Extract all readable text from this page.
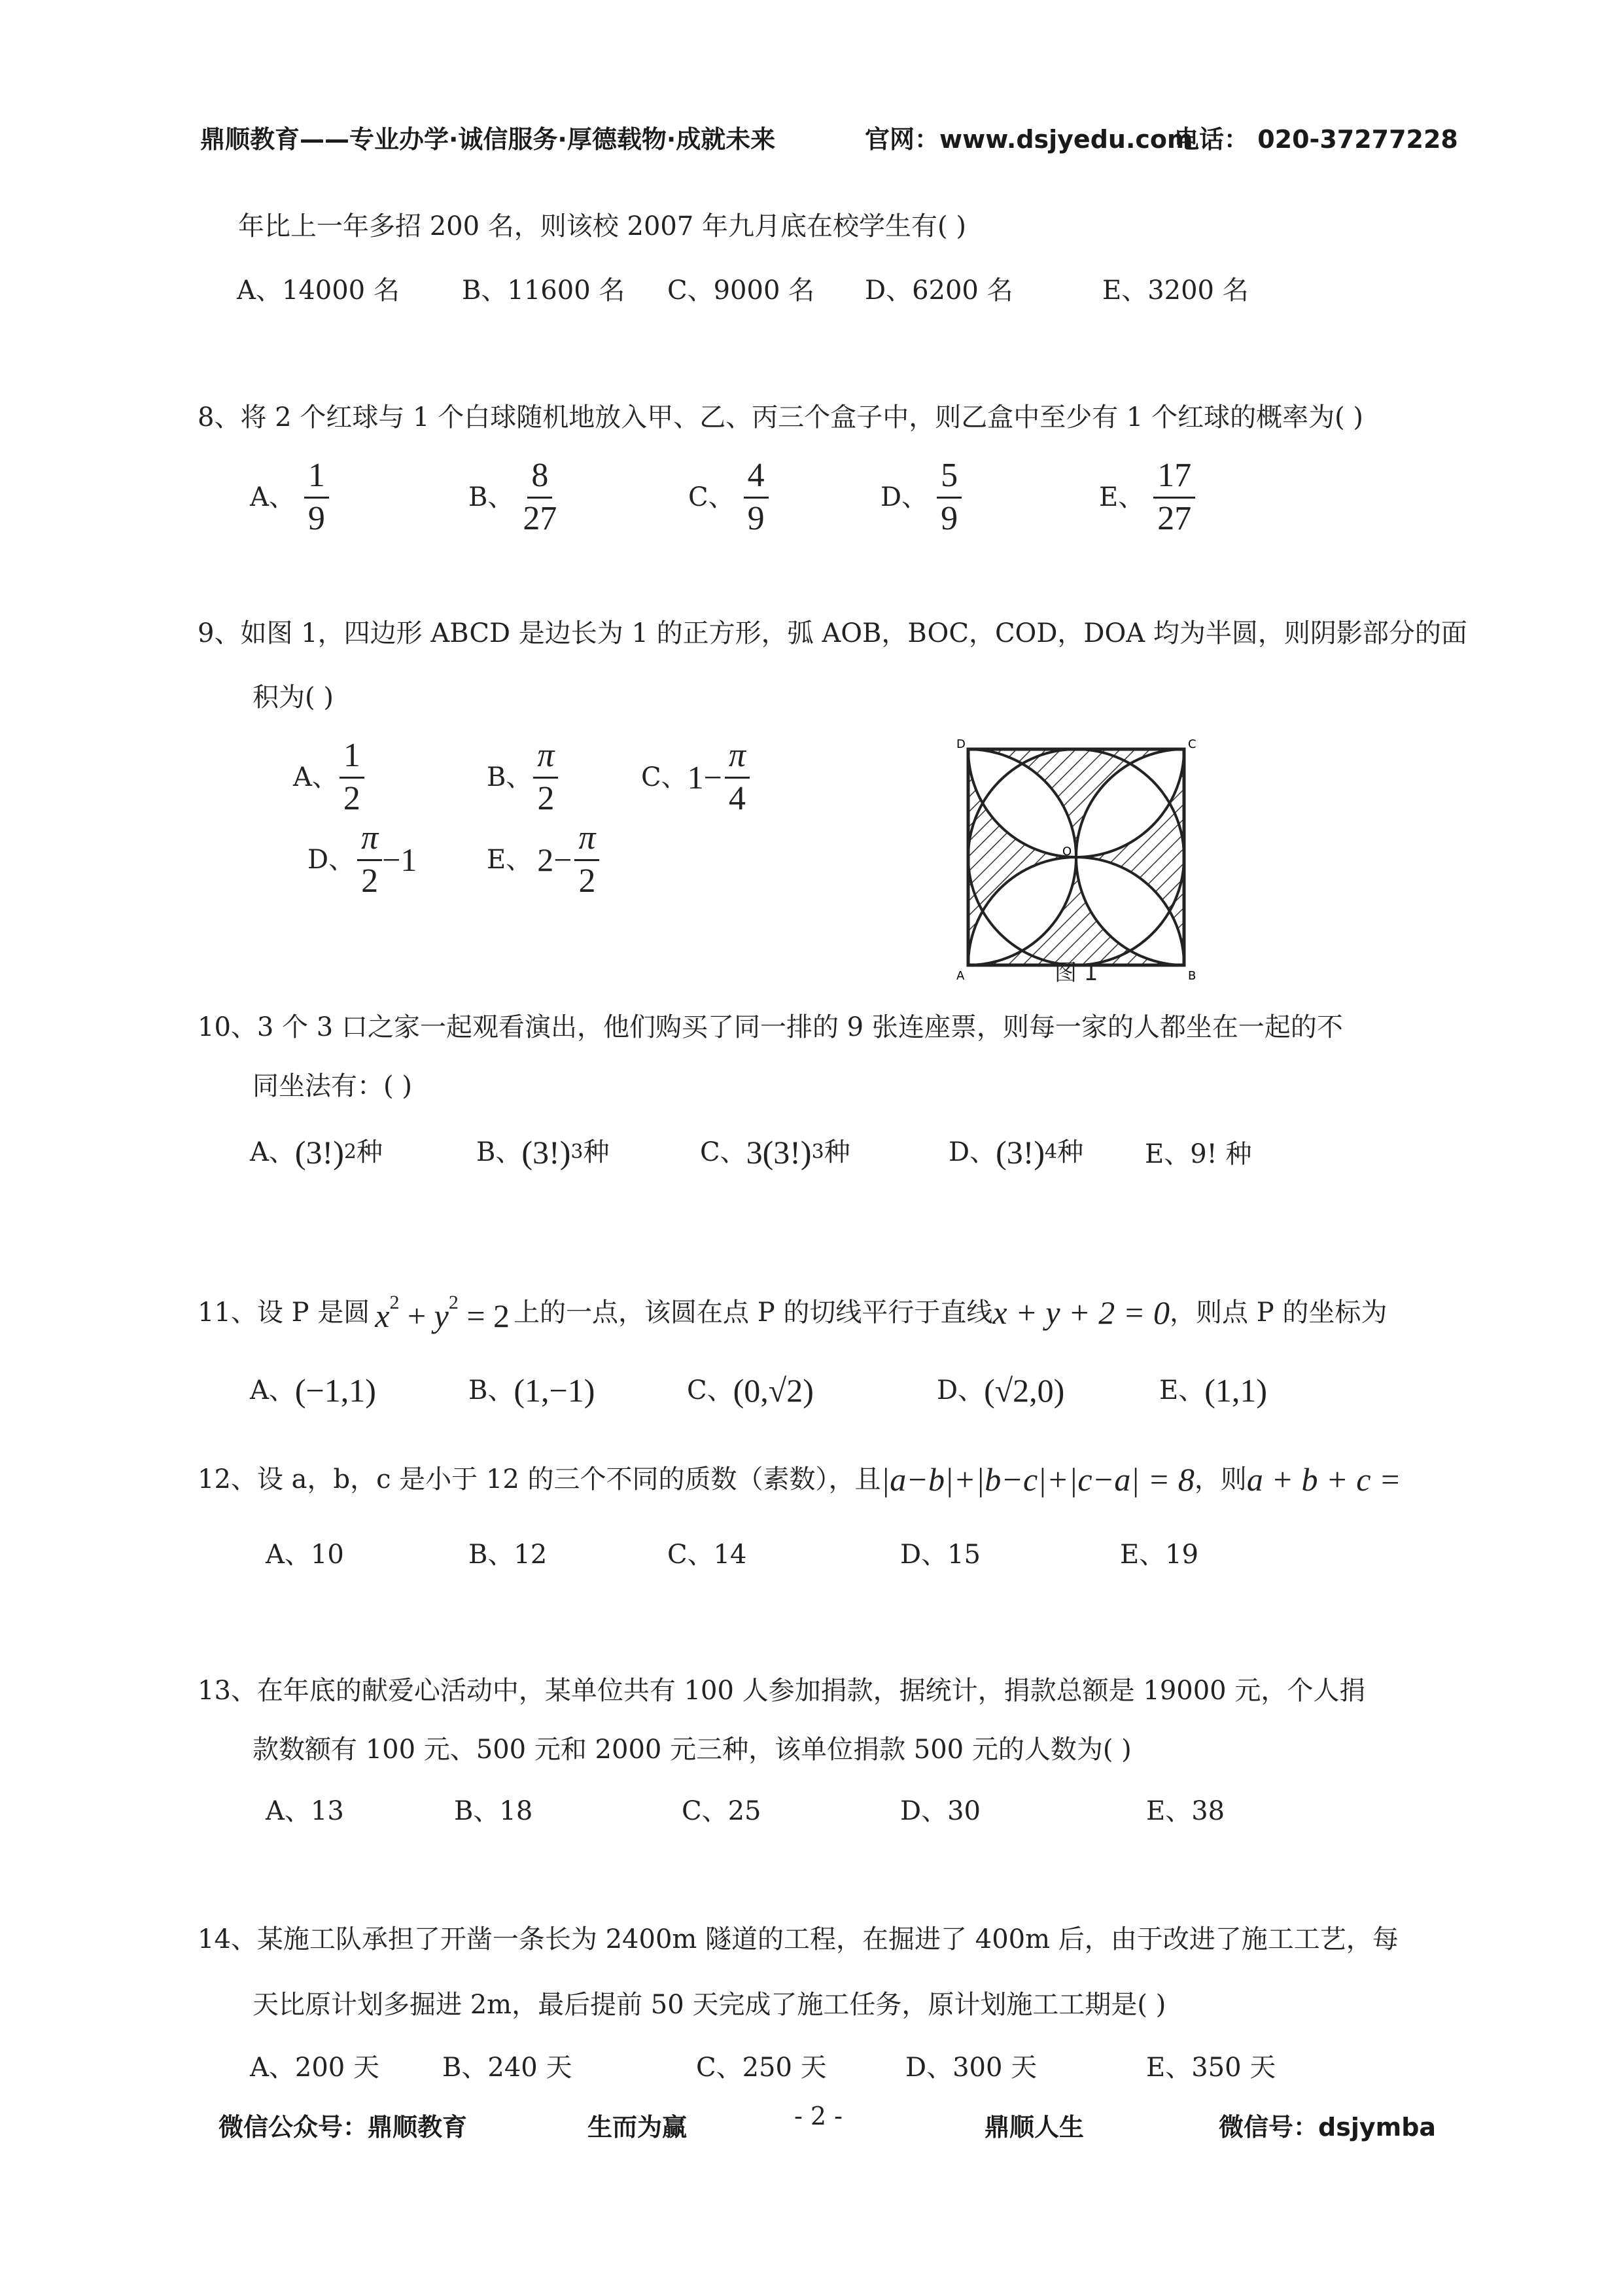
鼎顺教育——专业办学·诚信服务·厚德载物·成就未来	官网：www.dsjyedu.com
电话： 020-37277228
年比上一年多招 200 名，则该校 2007 年九月底在校学生有( )
A、14000 名 B、11600 名 C、9000 名 D、6200 名	E、3200 名
8、将 2 个红球与 1 个白球随机地放入甲、乙、丙三个盒子中，则乙盒中至少有 1 个红球的概率为( )
A、 $\frac{1}{9}$	B、 $\frac{8}{27}$	C、 $\frac{4}{9}$	D、 $\frac{5}{9}$	E、 $\frac{17}{27}$
9、如图 1，四边形 ABCD 是边长为 1 的正方形，弧 AOB，BOC，COD，DOA 均为半圆，则阴影部分的面
积为( )
A、 $\frac{1}{2}$	B、 $\frac{\pi}{2}$	C、 $1- \frac{\pi}{4}$
D、 $\frac{\pi}{2} -1$	E、 $2- \frac{\pi}{2}$
D	C
A	B
O
图 1
10、3 个 3 口之家一起观看演出，他们购买了同一排的 9 张连座票，则每一家的人都坐在一起的不
同坐法有：( )
A、 (3!) 2 种	B、 (3!) 3 种	C、 3(3!) 3 种	D、 (3!) 4 种 E、 9! 种
11、设 P 是圆 $x^2 + y^2 = 2$ 上的一点，该圆在点 P 的切线平行于直线 x + y + 2 = 0 ，则点 P 的坐标为
A、 (−1,1)	B、 (1,−1)	C、 (0,√2)	D、 (√2,0)	E、 (1,1)
12、设 a，b，c 是小于 12 的三个不同的质数（素数），且 |a−b|+|b−c|+|c−a| = 8 ，则 a + b + c =
A、10	B、12	C、14	D、15	E、19
13、在年底的献爱心活动中，某单位共有 100 人参加捐款，据统计，捐款总额是 19000 元，个人捐
款数额有 100 元、500 元和 2000 元三种，该单位捐款 500 元的人数为( )
A、13	B、18	C、25	D、30	E、38
14、某施工队承担了开凿一条长为 2400m 隧道的工程，在掘进了 400m 后，由于改进了施工工艺，每
天比原计划多掘进 2m，最后提前 50 天完成了施工任务，原计划施工工期是( )
A、200 天 B、240 天	C、250 天	D、300 天	E、350 天
微信公众号：鼎顺教育	生而为赢	- 2 -	鼎顺人生	微信号：dsjymba
